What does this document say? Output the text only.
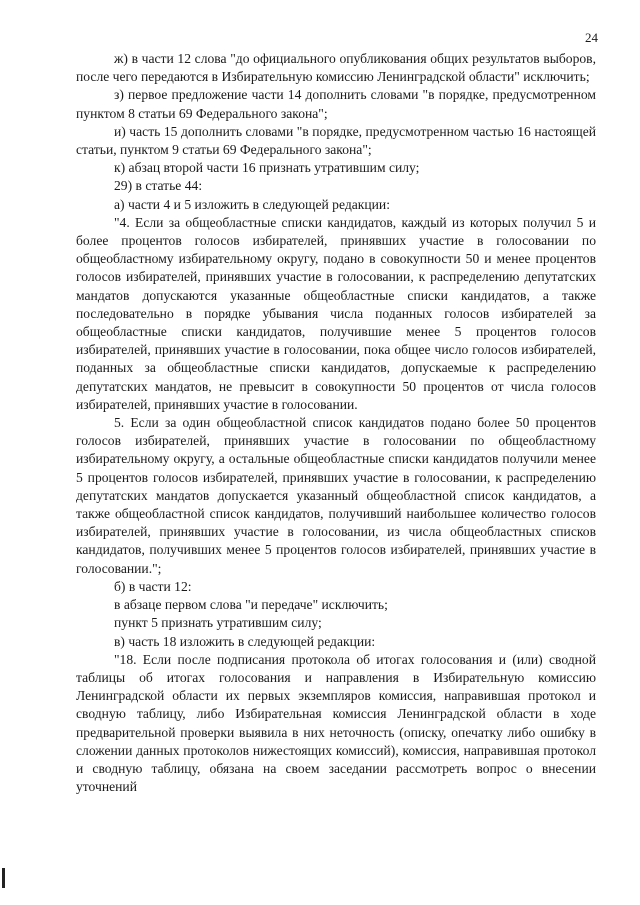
24

ж) в части 12 слова "до официального опубликования общих результатов выборов, после чего передаются в Избирательную комиссию Ленинградской области" исключить;

з) первое предложение части 14 дополнить словами "в порядке, предусмотренном пунктом 8 статьи 69 Федерального закона";

и) часть 15 дополнить словами "в порядке, предусмотренном частью 16 настоящей статьи, пунктом 9 статьи 69 Федерального закона";

к) абзац второй части 16 признать утратившим силу;

29) в статье 44:

а) части 4 и 5 изложить в следующей редакции:

"4. Если за общеобластные списки кандидатов, каждый из которых получил 5 и более процентов голосов избирателей, принявших участие в голосовании по общеобластному избирательному округу, подано в совокупности 50 и менее процентов голосов избирателей, принявших участие в голосовании, к распределению депутатских мандатов допускаются указанные общеобластные списки кандидатов, а также последовательно в порядке убывания числа поданных голосов избирателей за общеобластные списки кандидатов, получившие менее 5 процентов голосов избирателей, принявших участие в голосовании, пока общее число голосов избирателей, поданных за общеобластные списки кандидатов, допускаемые к распределению депутатских мандатов, не превысит в совокупности 50 процентов от числа голосов избирателей, принявших участие в голосовании.

5. Если за один общеобластной список кандидатов подано более 50 процентов голосов избирателей, принявших участие в голосовании по общеобластному избирательному округу, а остальные общеобластные списки кандидатов получили менее 5 процентов голосов избирателей, принявших участие в голосовании, к распределению депутатских мандатов допускается указанный общеобластной список кандидатов, а также общеобластной список кандидатов, получивший наибольшее количество голосов избирателей, принявших участие в голосовании, из числа общеобластных списков кандидатов, получивших менее 5 процентов голосов избирателей, принявших участие в голосовании.";

б) в части 12:

в абзаце первом слова "и передаче" исключить;

пункт 5 признать утратившим силу;

в) часть 18 изложить в следующей редакции:

"18. Если после подписания протокола об итогах голосования и (или) сводной таблицы об итогах голосования и направления в Избирательную комиссию Ленинградской области их первых экземпляров комиссия, направившая протокол и сводную таблицу, либо Избирательная комиссия Ленинградской области в ходе предварительной проверки выявила в них неточность (описку, опечатку либо ошибку в сложении данных протоколов нижестоящих комиссий), комиссия, направившая протокол и сводную таблицу, обязана на своем заседании рассмотреть вопрос о внесении уточнений
